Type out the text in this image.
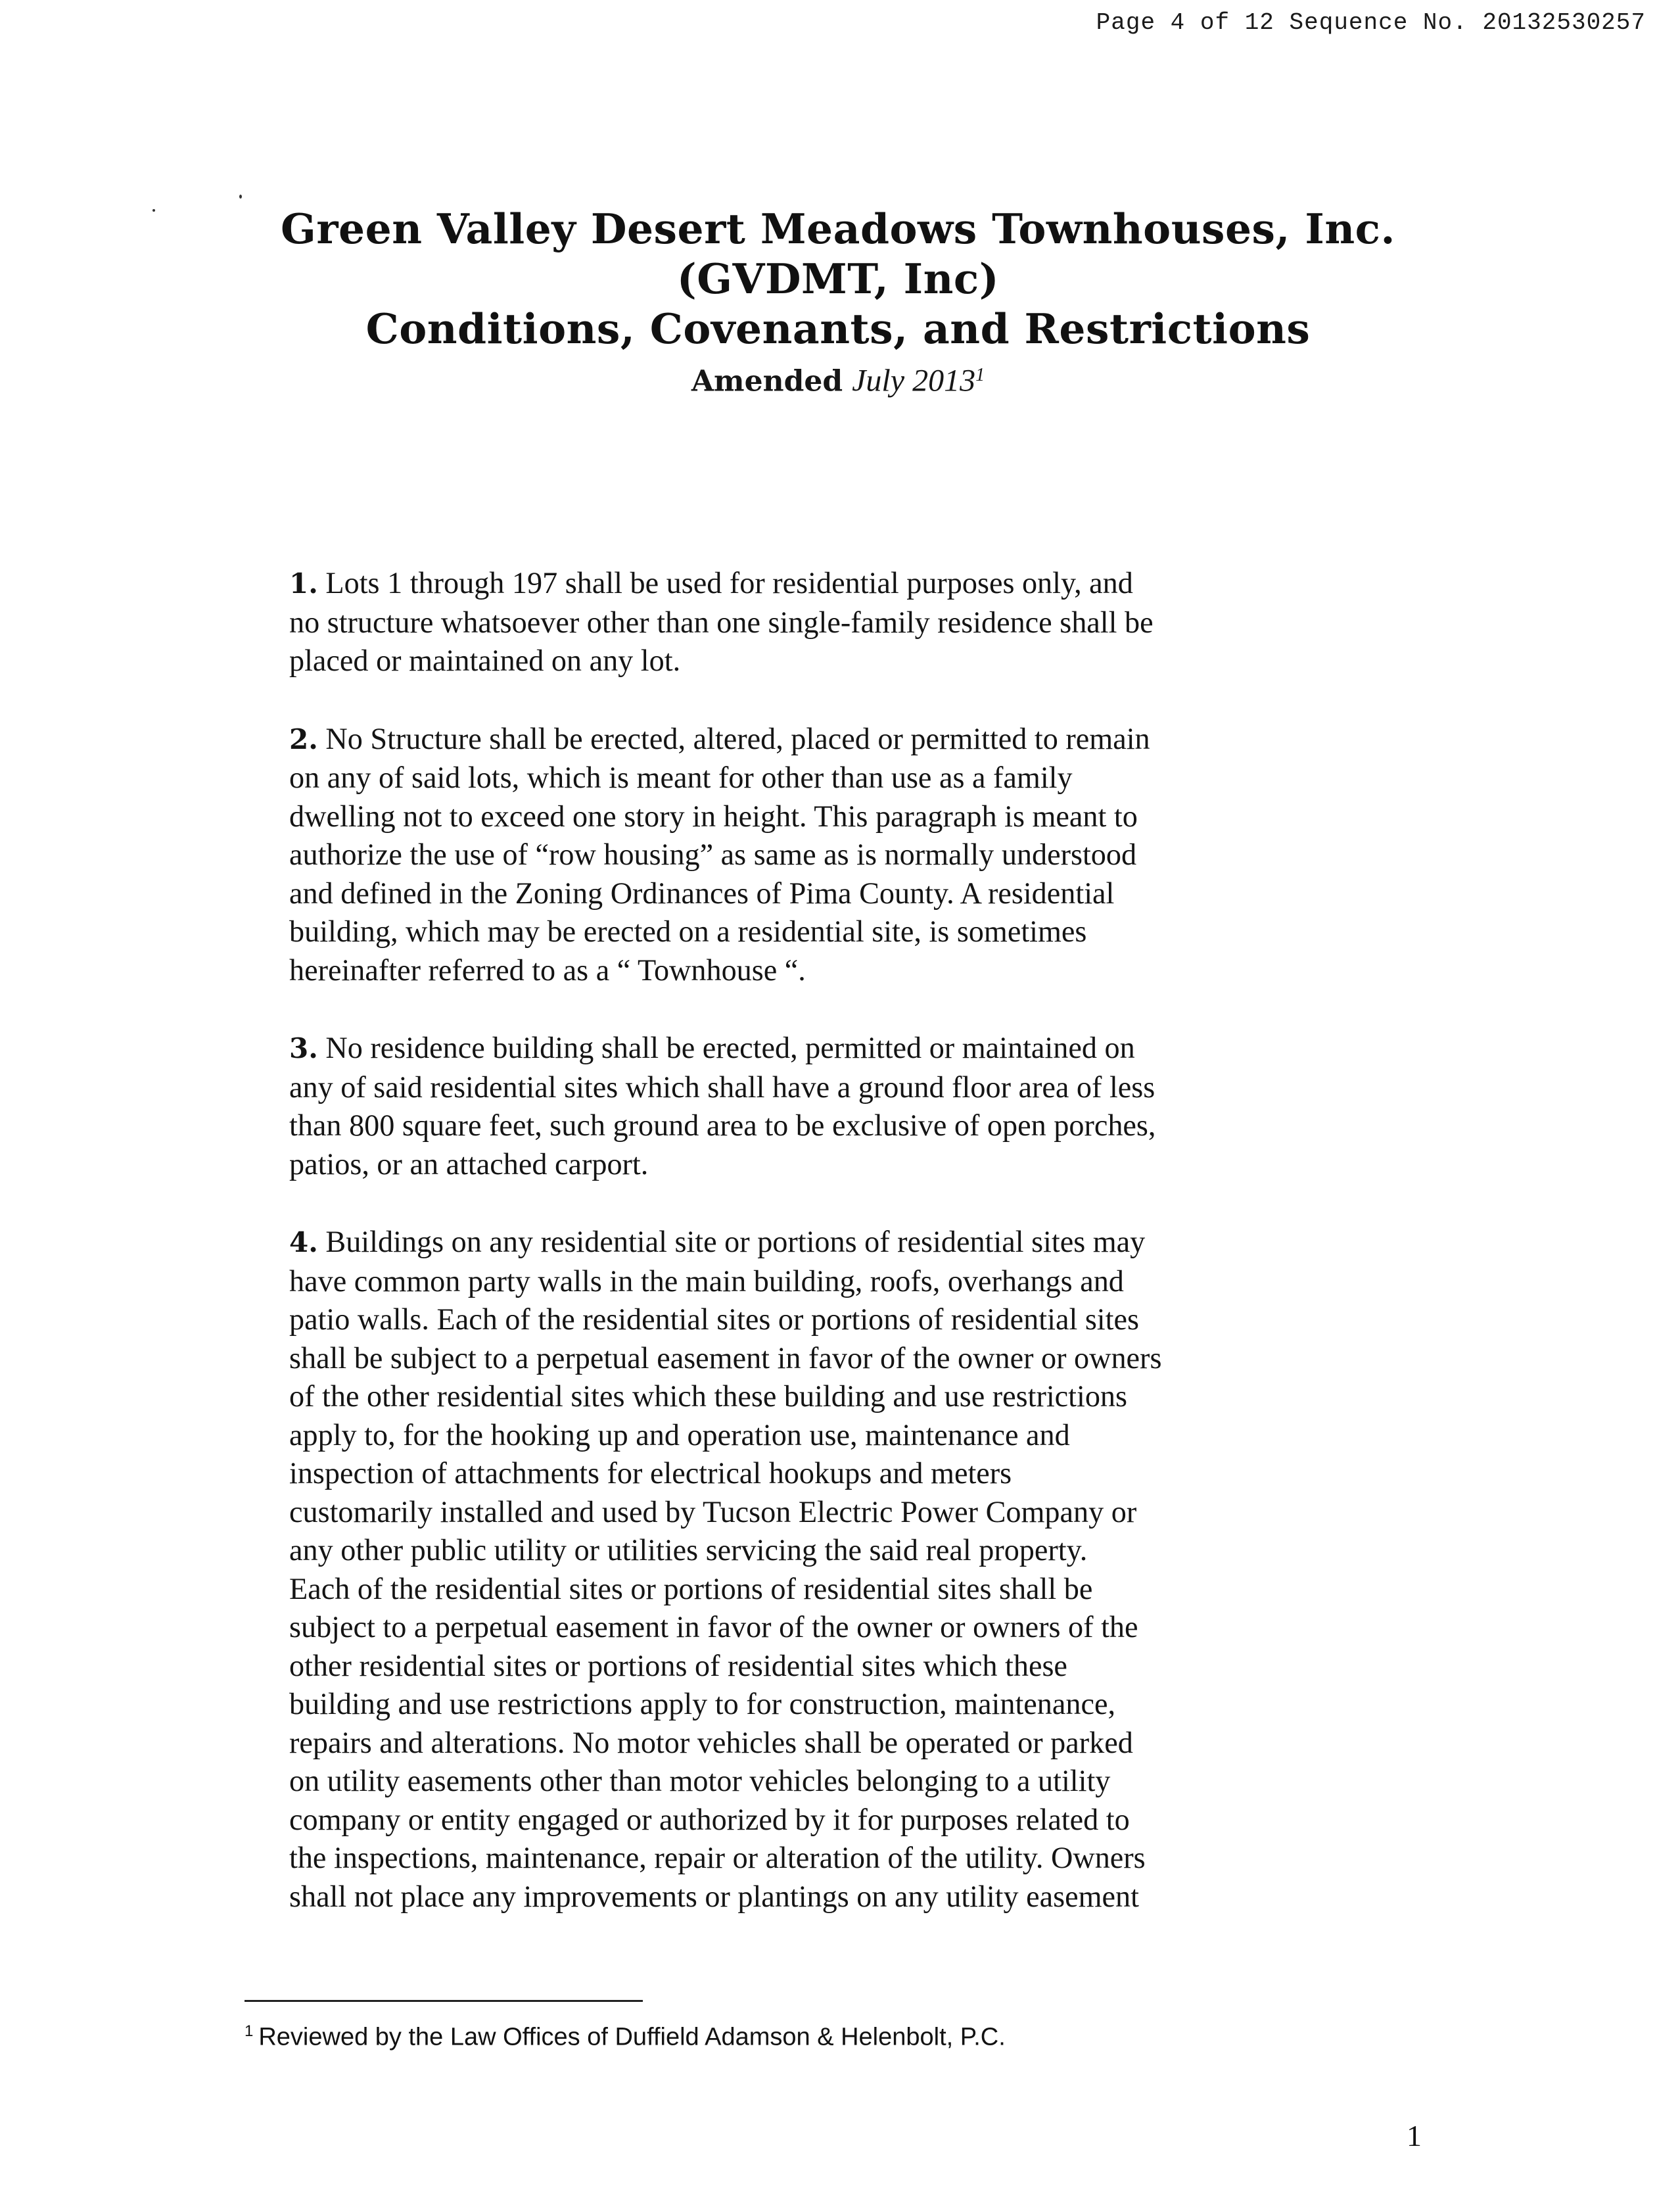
Page 4 of 12 Sequence No. 20132530257
Green Valley Desert Meadows Townhouses, Inc.
(GVDMT, Inc)
Conditions, Covenants, and Restrictions
Amended July 2013$^1$

1. Lots 1 through 197 shall be used for residential purposes only, and
no structure whatsoever other than one single-family residence shall be
placed or maintained on any lot.

2. No Structure shall be erected, altered, placed or permitted to remain
on any of said lots, which is meant for other than use as a family
dwelling not to exceed one story in height. This paragraph is meant to
authorize the use of “row housing” as same as is normally understood
and defined in the Zoning Ordinances of Pima County. A residential
building, which may be erected on a residential site, is sometimes
hereinafter referred to as a “ Townhouse “.

3. No residence building shall be erected, permitted or maintained on
any of said residential sites which shall have a ground floor area of less
than 800 square feet, such ground area to be exclusive of open porches,
patios, or an attached carport.

4. Buildings on any residential site or portions of residential sites may
have common party walls in the main building, roofs, overhangs and
patio walls. Each of the residential sites or portions of residential sites
shall be subject to a perpetual easement in favor of the owner or owners
of the other residential sites which these building and use restrictions
apply to, for the hooking up and operation use, maintenance and
inspection of attachments for electrical hookups and meters
customarily installed and used by Tucson Electric Power Company or
any other public utility or utilities servicing the said real property.
Each of the residential sites or portions of residential sites shall be
subject to a perpetual easement in favor of the owner or owners of the
other residential sites or portions of residential sites which these
building and use restrictions apply to for construction, maintenance,
repairs and alterations. No motor vehicles shall be operated or parked
on utility easements other than motor vehicles belonging to a utility
company or entity engaged or authorized by it for purposes related to
the inspections, maintenance, repair or alteration of the utility. Owners
shall not place any improvements or plantings on any utility easement

$^1$ Reviewed by the Law Offices of Duffield Adamson & Helenbolt, P.C.
1
